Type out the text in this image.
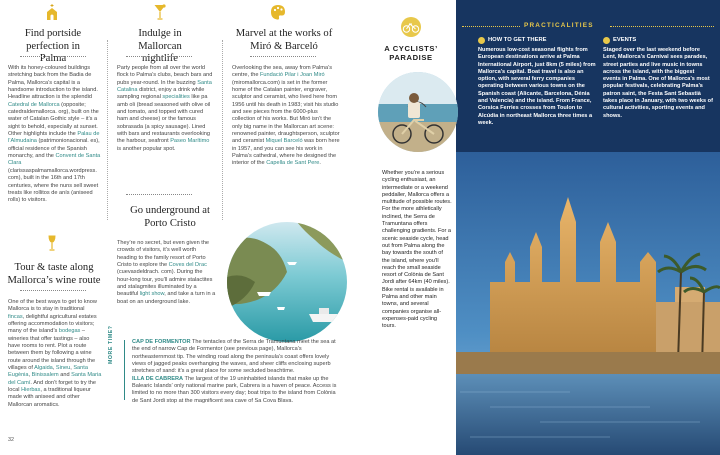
Find portside
perfection in Palma
With its honey-coloured buildings stretching back from the Badia de Palma, Mallorca’s capital is a handsome introduction to the island. Headline attraction is the splendid Catedral de Mallorca (opposite; catedraldemallorca. org), built on the water of Catalan Gothic style – it’s a sight to behold, especially at sunset. Other highlights include the Palau de l’Almudaina (patrimonionacional. es), official residence of the Spanish monarchy, and the Convent de Santa Clara (clarissaspalmamallorca.wordpress. com), built in the 16th and 17th centuries, where the nuns sell sweet treats like rollitos de anís (aniseed rolls) to visitors.
Tour & taste along
Mallorca’s wine route
One of the best ways to get to know Mallorca is to stay in traditional fincas, delightful agricultural estates offering accommodation to visitors; many of the island’s bodegas – wineries that offer tastings – also have rooms to rent. Plot a route between them by following a wine route around the island through the villages of Algaida, Sineu, Santa Eugènia, Binissalem and Santa Maria del Camí. And don’t forget to try the local Hierbas, a traditional liqueur made with aniseed and other Mallorcan aromatics.
Indulge in
Mallorcan nightlife
Party people from all over the world flock to Palma’s clubs, beach bars and pubs year-round. In the buzzing Santa Catalina district, enjoy a drink while sampling regional specialities like pa amb oli (bread seasoned with olive oil and tomato, and topped with cured ham and cheese) or the famous sobrasada (a spicy sausage). Lined with bars and restaurants overlooking the harbour, seafront Paseo Marítimo is another popular spot.
Go underground at
Porto Cristo
They’re no secret, but even given the crowds of visitors, it’s well worth heading to the family resort of Porto Cristo to explore the Coves del Drac (cuevasdeldrach. com). During the hour-long tour, you’ll admire stalactites and stalagmites illuminated by a beautiful light show, and take a turn in a boat on an underground lake.
Marvel at the works of
Miró & Barceló
Overlooking the sea, away from Palma’s centre, the Fundació Pilar i Joan Miró (miromallorca.com) is set in the former home of the Catalan painter, engraver, sculptor and ceramist, who lived here from 1956 until his death in 1983; visit his studio and see pieces from the 6000-plus collection of his works. But Miró isn’t the only big name in the Mallorcan art scene: renowned painter, draughtsperson, sculptor and ceramist Miquel Barceló was born here in 1957, and you can see his work in Palma’s cathedral, where he designed the interior of the Capella de Sant Pere.
MORE TIME?	CAP DE FORMENTOR The tentacles of the Serra de Tramuntana meet the sea at the end of narrow Cap de Formentor (see previous page), Mallorca’s northeasternmost tip. The winding road along the peninsula’s coast offers lovely views of jagged peaks overhanging the waves, and sheer cliffs enclosing superb stretches of sand: it’s a great place for some secluded beachtime.
ILLA DE CABRERA The largest of the 19 uninhabited islands that make up the Balearic Islands’ only national marine park, Cabrera is a haven of peace. Access is limited to no more than 300 visitors every day; boat trips to the island from Colònia de Sant Jordi stop at the magnificent sea cave of Sa Cova Blava.

32
A CYCLISTS’
PARADISE
Whether you’re a serious cycling enthusiast, an intermediate or a weekend peddaller, Mallorca offers a multitude of possible routes. For the more athletically inclined, the Serra de Tramuntana offers challenging gradients. For a scenic seaside cycle, head out from Palma along the bay towards the south of the island, where you’ll reach the small seaside resort of Colònia de Sant Jordi after 64km (40 miles). Bike rental is available in Palma and other main towns, and several companies organise all-expenses-paid cycling tours.
PRACTICALITIES
HOW TO GET THERE
Numerous low-cost seasonal flights from European destinations arrive at Palma International Airport, just 8km (5 miles) from Mallorca’s capital. Boat travel is also an option, with several ferry companies operating between various towns on the Spanish coast (Alicante, Barcelona, Dénia and Valencia) and the island. From France, Corsica Ferries crosses from Toulon to Alcúdia in northeast Mallorca three times a week.
EVENTS
Staged over the last weekend before Lent, Mallorca’s Carnival sees parades, street parties and live music in towns across the island, with the biggest events in Palma. One of Mallorca’s most popular festivals, celebrating Palma’s patron saint, the Festa Sant Sebastià takes place in January, with two weeks of cultural activities, sporting events and shows.
